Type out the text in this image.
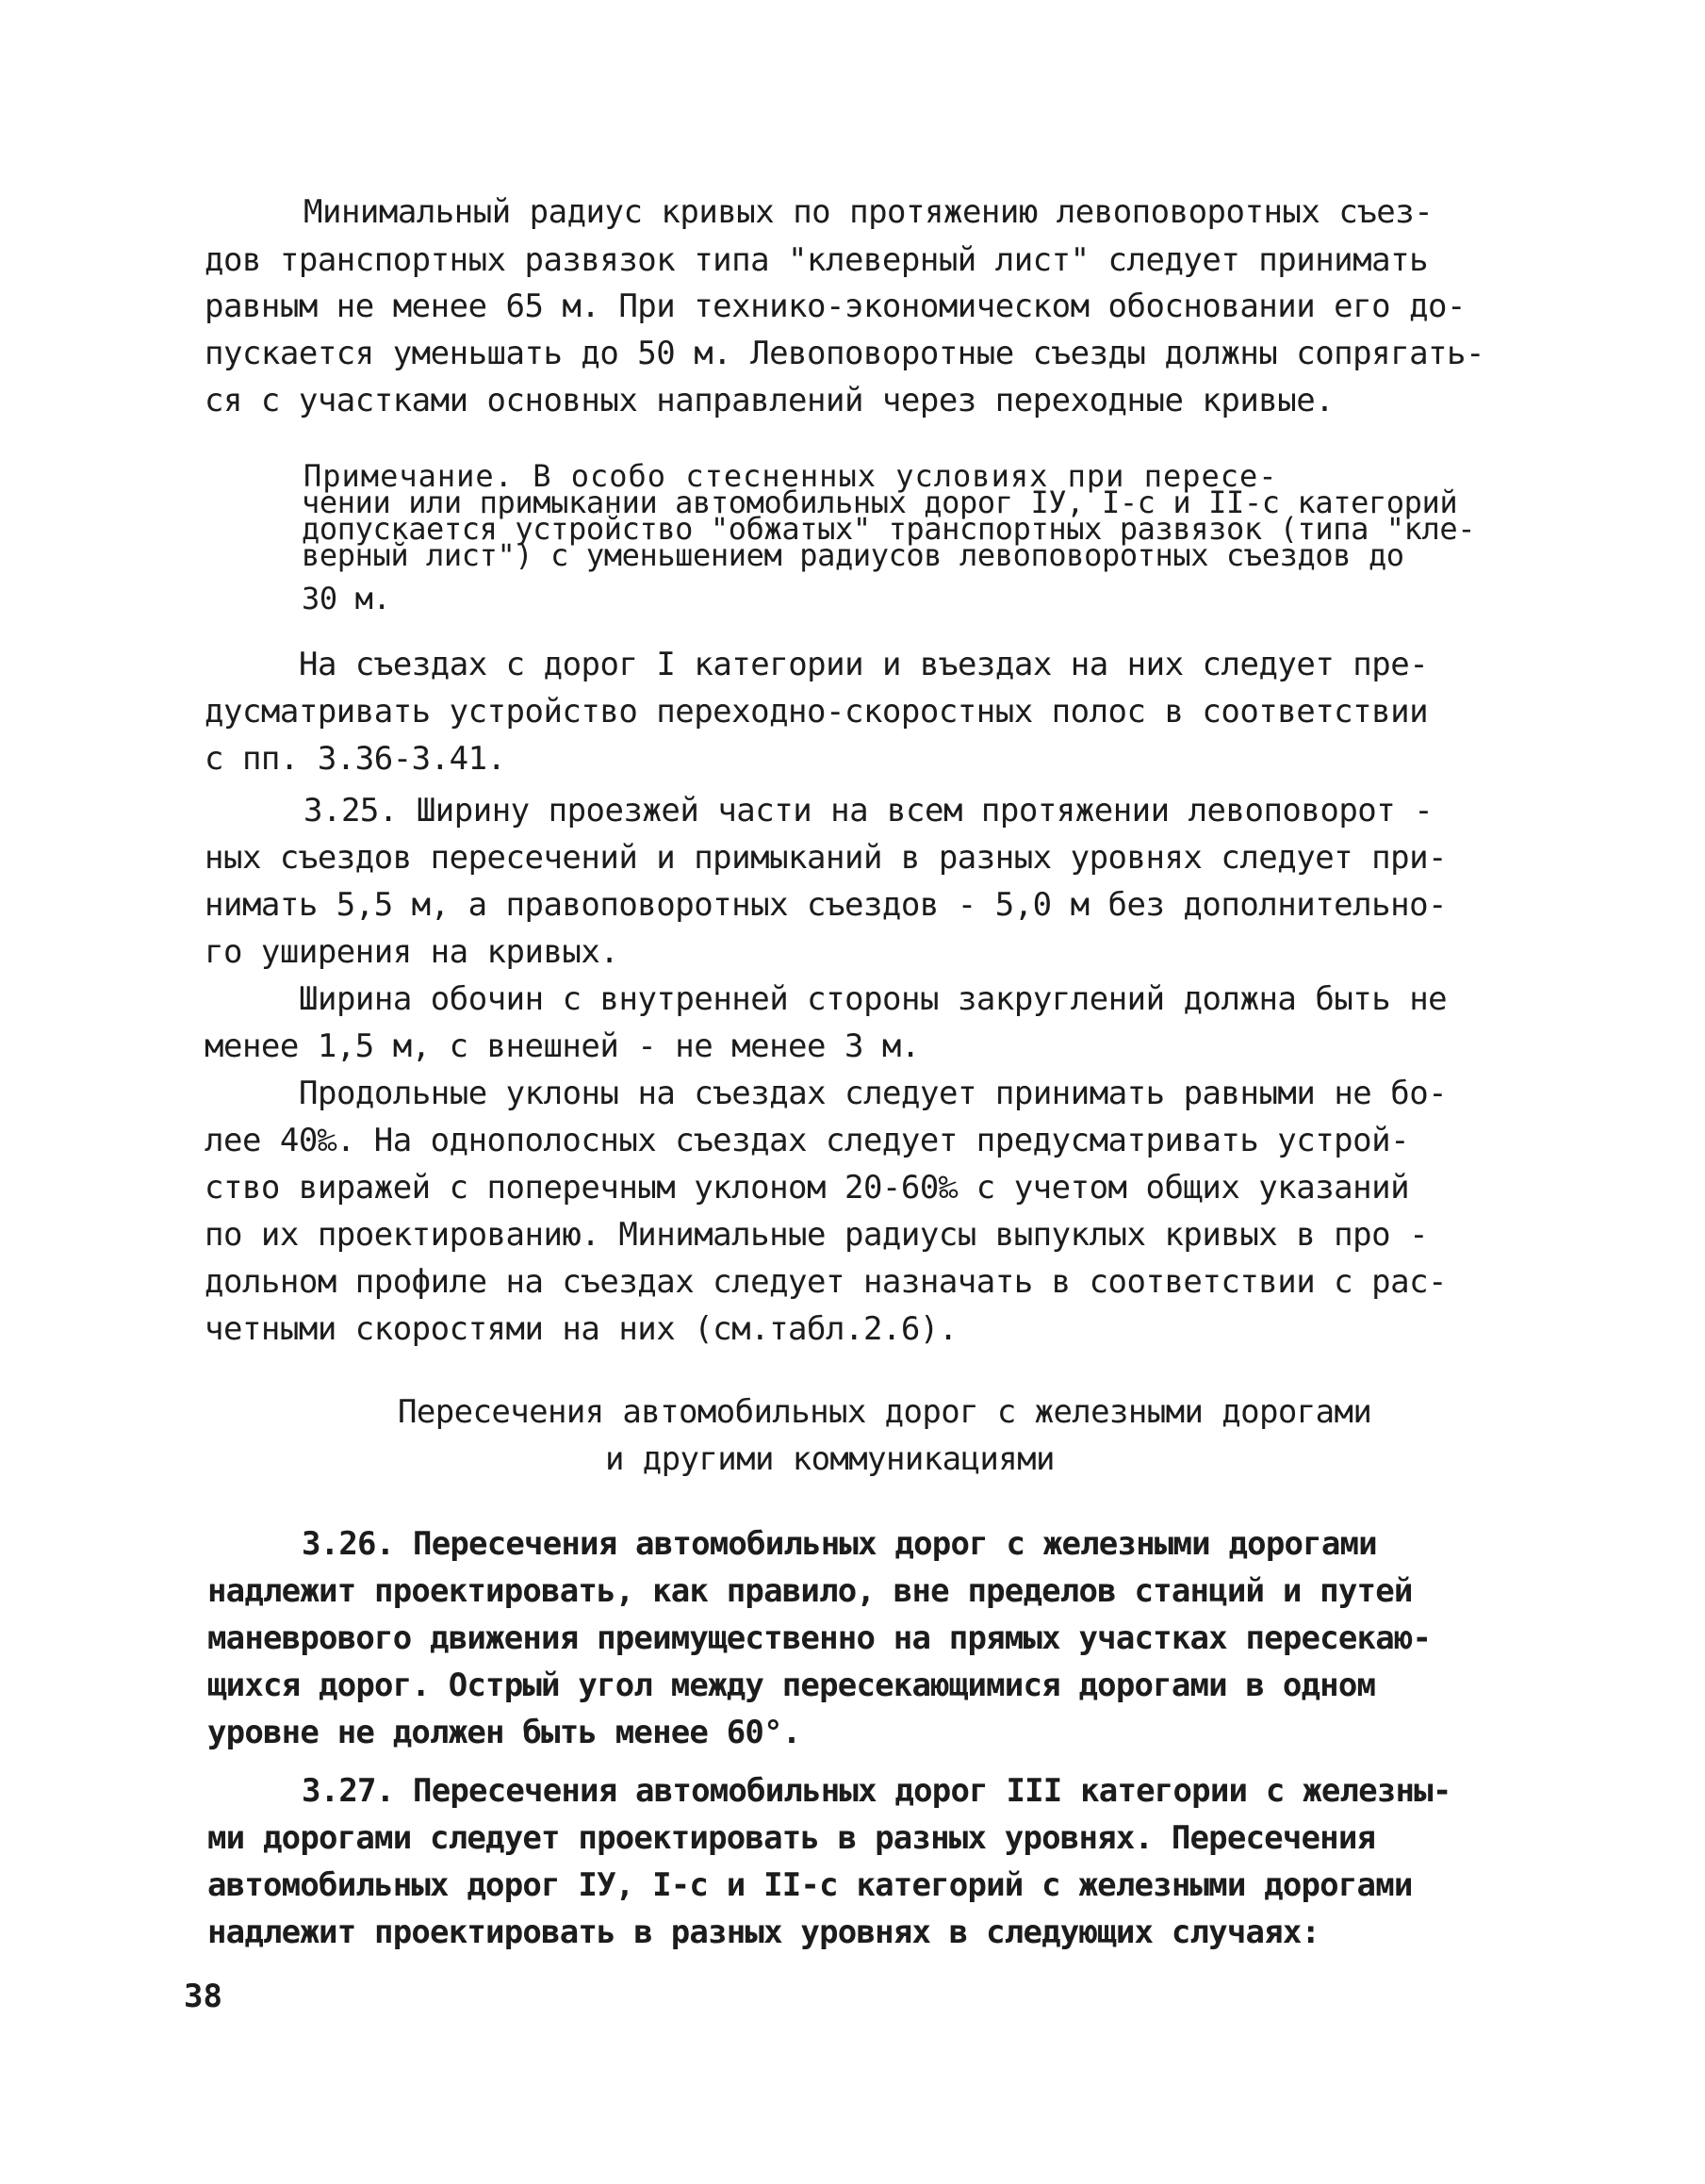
Минимальный радиус кривых по протяжению левоповоротных съез-
дов транспортных развязок типа "клеверный лист" следует принимать
равным не менее 65 м. При технико-экономическом обосновании его до-
пускается уменьшать до 50 м. Левоповоротные съезды должны сопрягать-
ся с участками основных направлений через переходные кривые.
Примечание. В особо стесненных условиях при пересе-
чении или примыкании автомобильных дорог IУ, I-с и II-с категорий
допускается устройство "обжатых" транспортных развязок (типа "кле-
верный лист") с уменьшением радиусов левоповоротных съездов до
30 м.
На съездах с дорог I категории и въездах на них следует пре-
дусматривать устройство переходно-скоростных полос в соответствии
с пп. 3.36-3.41.
3.25. Ширину проезжей части на всем протяжении левоповорот -
ных съездов пересечений и примыканий в разных уровнях следует при-
нимать 5,5 м, а правоповоротных съездов - 5,0 м без дополнительно-
го уширения на кривых.
Ширина обочин с внутренней стороны закруглений должна быть не
менее 1,5 м, с внешней - не менее 3 м.
Продольные уклоны на съездах следует принимать равными не бо-
лее 40‰. На однополосных съездах следует предусматривать устрой-
ство виражей с поперечным уклоном 20-60‰ с учетом общих указаний
по их проектированию. Минимальные радиусы выпуклых кривых в про -
дольном профиле на съездах следует назначать в соответствии с рас-
четными скоростями на них (см.табл.2.6).
Пересечения автомобильных дорог с железными дорогами
и другими коммуникациями
3.26. Пересечения автомобильных дорог с железными дорогами
надлежит проектировать, как правило, вне пределов станций и путей
маневрового движения преимущественно на прямых участках пересекаю-
щихся дорог. Острый угол между пересекающимися дорогами в одном
уровне не должен быть менее 60°.
3.27. Пересечения автомобильных дорог III категории с железны-
ми дорогами следует проектировать в разных уровнях. Пересечения
автомобильных дорог IУ, I-с и II-с категорий с железными дорогами
надлежит проектировать в разных уровнях в следующих случаях:
38
